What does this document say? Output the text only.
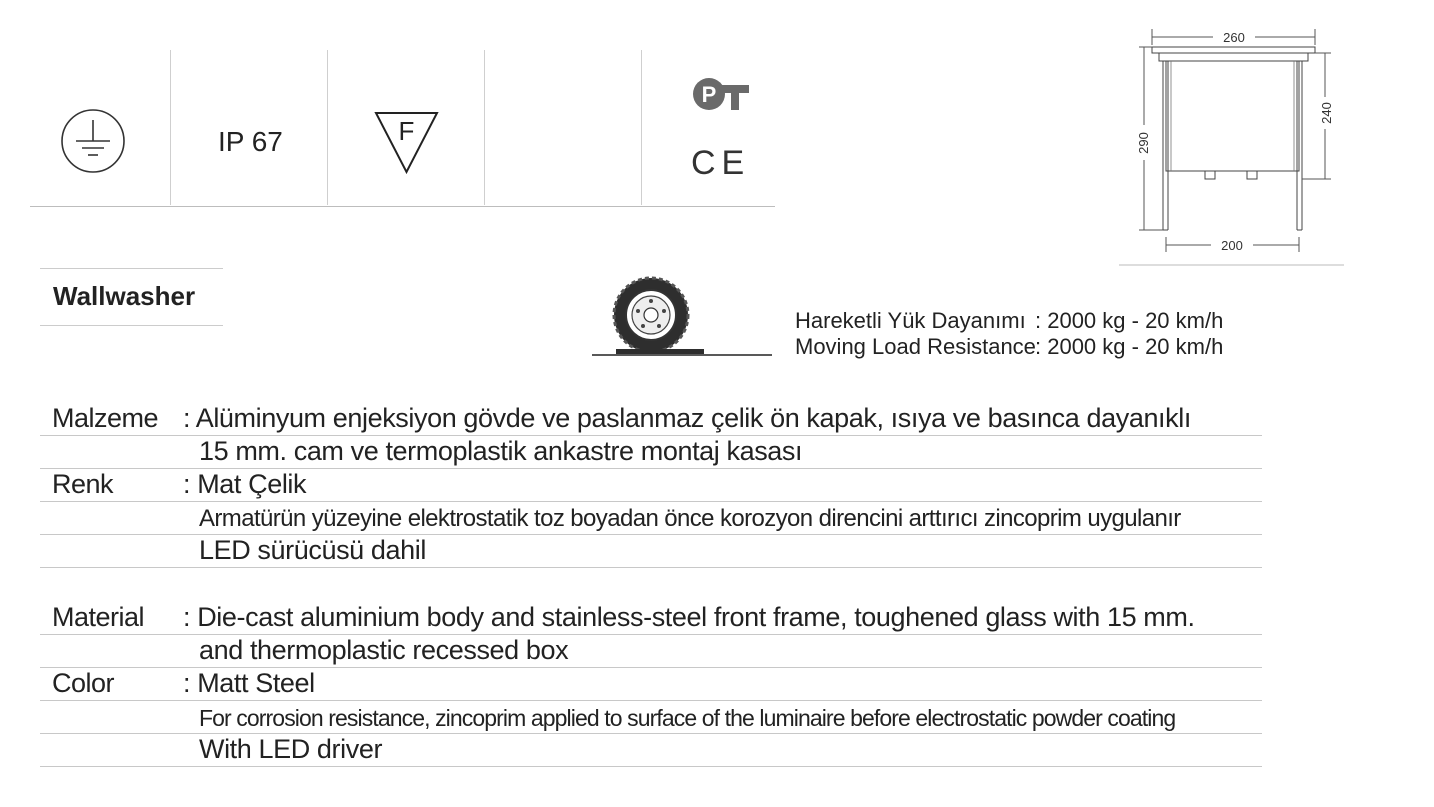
IP 67	F
P
CE
260
290
240
200
Wallwasher
Hareketli Yük Dayanımı : 2000 kg - 20 km/h
Moving Load Resistance: 2000 kg - 20 km/h
Malzeme : Alüminyum enjeksiyon gövde ve paslanmaz çelik ön kapak, ısıya ve basınca dayanıklı
15 mm. cam ve termoplastik ankastre montaj kasası
Renk	: Mat Çelik
Armatürün yüzeyine elektrostatik toz boyadan önce korozyon direncini arttırıcı zincoprim uygulanır
LED sürücüsü dahil
Material : Die-cast aluminium body and stainless-steel front frame, toughened glass with 15 mm.
and thermoplastic recessed box
Color	: Matt Steel
For corrosion resistance, zincoprim applied to surface of the luminaire before electrostatic powder coating
With LED driver
